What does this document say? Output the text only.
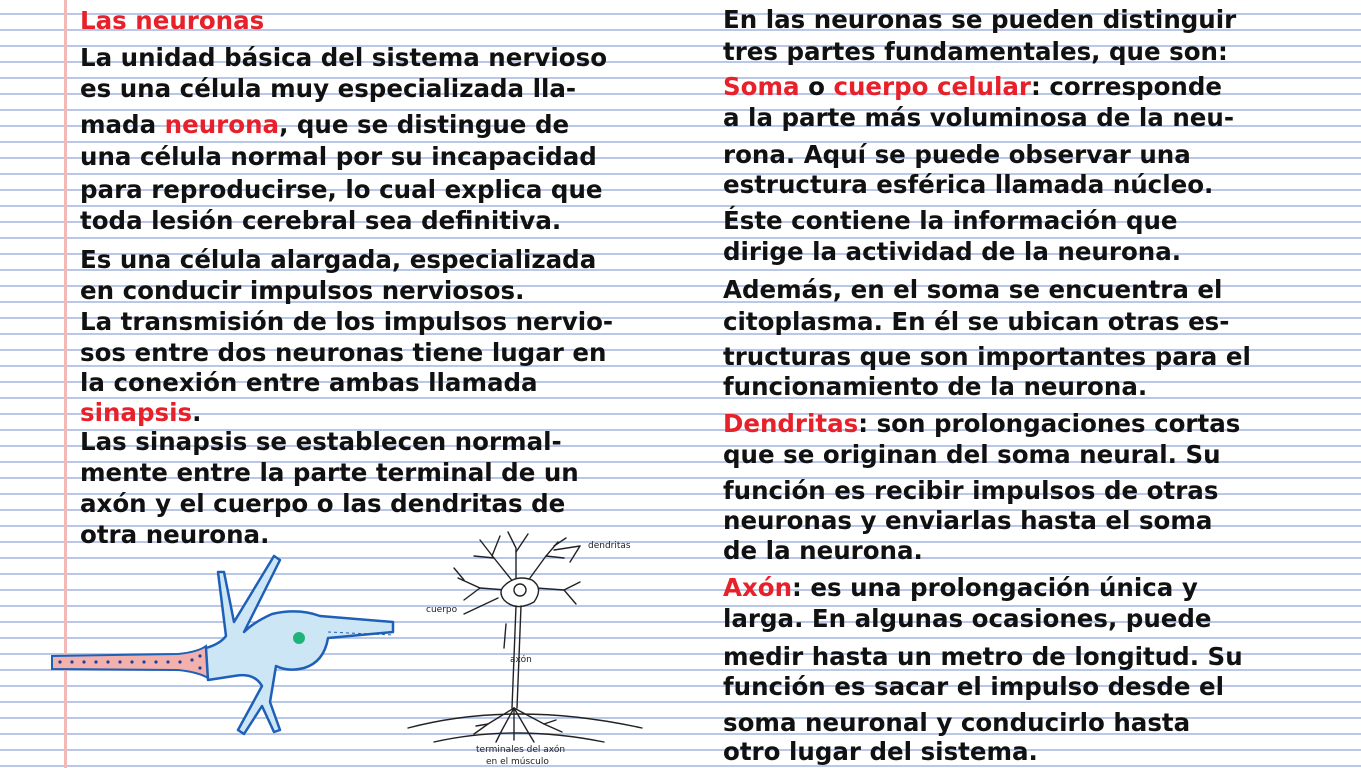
Las neuronas
La unidad básica del sistema nervioso
es una célula muy especializada lla-
mada neurona, que se distingue de
una célula normal por su incapacidad
para reproducirse, lo cual explica que
toda lesión cerebral sea definitiva.
Es una célula alargada, especializada
en conducir impulsos nerviosos.
La transmisión de los impulsos nervio-
sos entre dos neuronas tiene lugar en
la conexión entre ambas llamada
sinapsis.
Las sinapsis se establecen normal-
mente entre la parte terminal de un
axón y el cuerpo o las dendritas de
otra neurona.
En las neuronas se pueden distinguir
tres partes fundamentales, que son:
Soma o cuerpo celular: corresponde
a la parte más voluminosa de la neu-
rona. Aquí se puede observar una
estructura esférica llamada núcleo.
Éste contiene la información que
dirige la actividad de la neurona.
Además, en el soma se encuentra el
citoplasma. En él se ubican otras es-
tructuras que son importantes para el
funcionamiento de la neurona.
Dendritas: son prolongaciones cortas
que se originan del soma neural. Su
función es recibir impulsos de otras
neuronas y enviarlas hasta el soma
de la neurona.
Axón: es una prolongación única y
larga. En algunas ocasiones, puede
medir hasta un metro de longitud. Su
función es sacar el impulso desde el
soma neuronal y conducirlo hasta
otro lugar del sistema.
dendritas
cuerpo
axón
terminales del axón
en el músculo
